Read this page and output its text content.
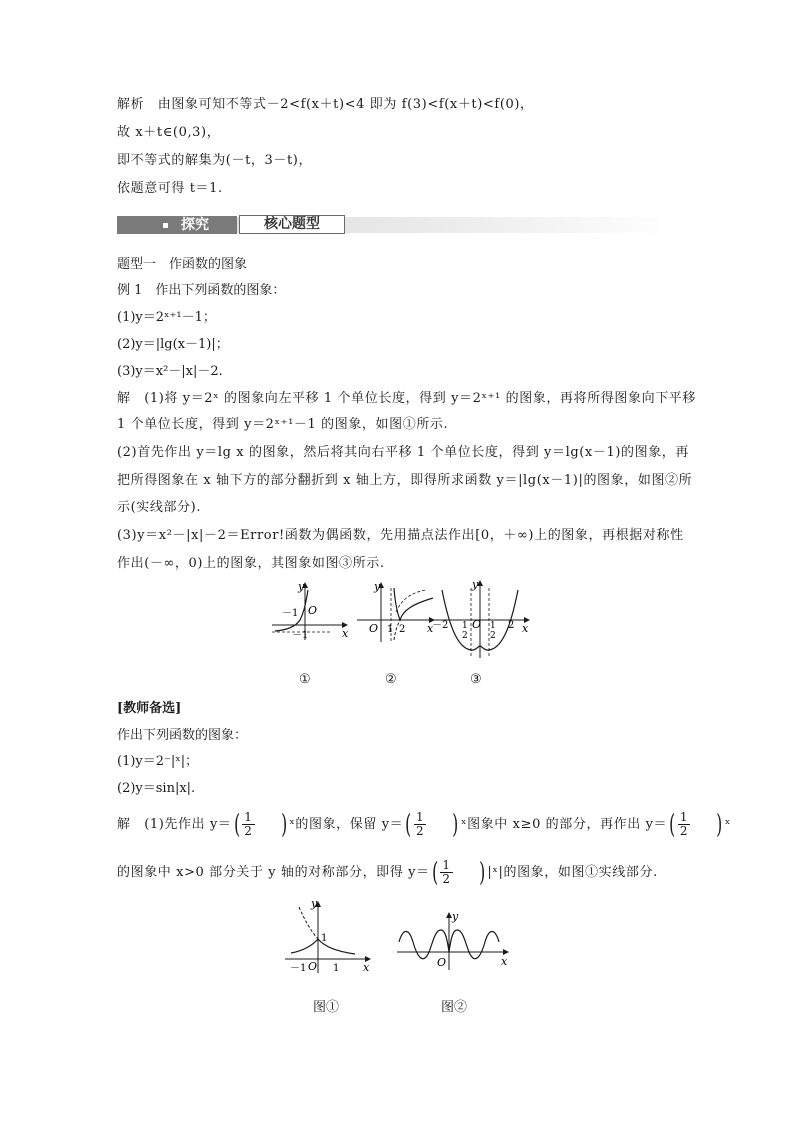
解析　由图象可知不等式－2<f(x＋t)<4 即为 f(3)<f(x＋t)<f(0)，
故 x＋t∈(0,3)，
即不等式的解集为(－t，3－t)，
依题意可得 t＝1.
探究	核心题型
题型一　作函数的图象
例 1　作出下列函数的图象：
(1)y＝2ˣ⁺¹－1；
(2)y＝|lg(x－1)|；
(3)y＝x²－|x|－2.
解　(1)将 y＝2ˣ 的图象向左平移 1 个单位长度，得到 y＝2ˣ⁺¹ 的图象，再将所得图象向下平移
1 个单位长度，得到 y＝2ˣ⁺¹－1 的图象，如图①所示.
(2)首先作出 y＝lg x 的图象，然后将其向右平移 1 个单位长度，得到 y＝lg(x－1)的图象，再
把所得图象在 x 轴下方的部分翻折到 x 轴上方，即得所求函数 y＝|lg(x－1)|的图象，如图②所
示(实线部分).
(3)y＝x²－|x|－2＝Error!函数为偶函数，先用描点法作出[0，＋∞)上的图象，再根据对称性
作出(－∞，0)上的图象，其图象如图③所示.
y
x
O
－1
－1
y
x
O 1 2
y
x
O
－2	2
1
2
1
2
①	②	③
[教师备选]
作出下列函数的图象：
(1)y＝2⁻|ˣ|；
(2)y＝sin|x|.
解　(1)先作出 $y=( \frac{1}{2}$ ) ˣ的图象，保留 $y=( \frac{1}{2}$ ) ˣ图象中 x≥0 的部分，再作出 $y=( \frac{1}{2}$ ) ˣ
的图象中 x>0 部分关于 y 轴的对称部分，即得 $y=( \frac{1}{2}$ ) |ˣ|的图象，如图①实线部分.
y
x
O
1
－1	1
y
x
O
图①	图②
